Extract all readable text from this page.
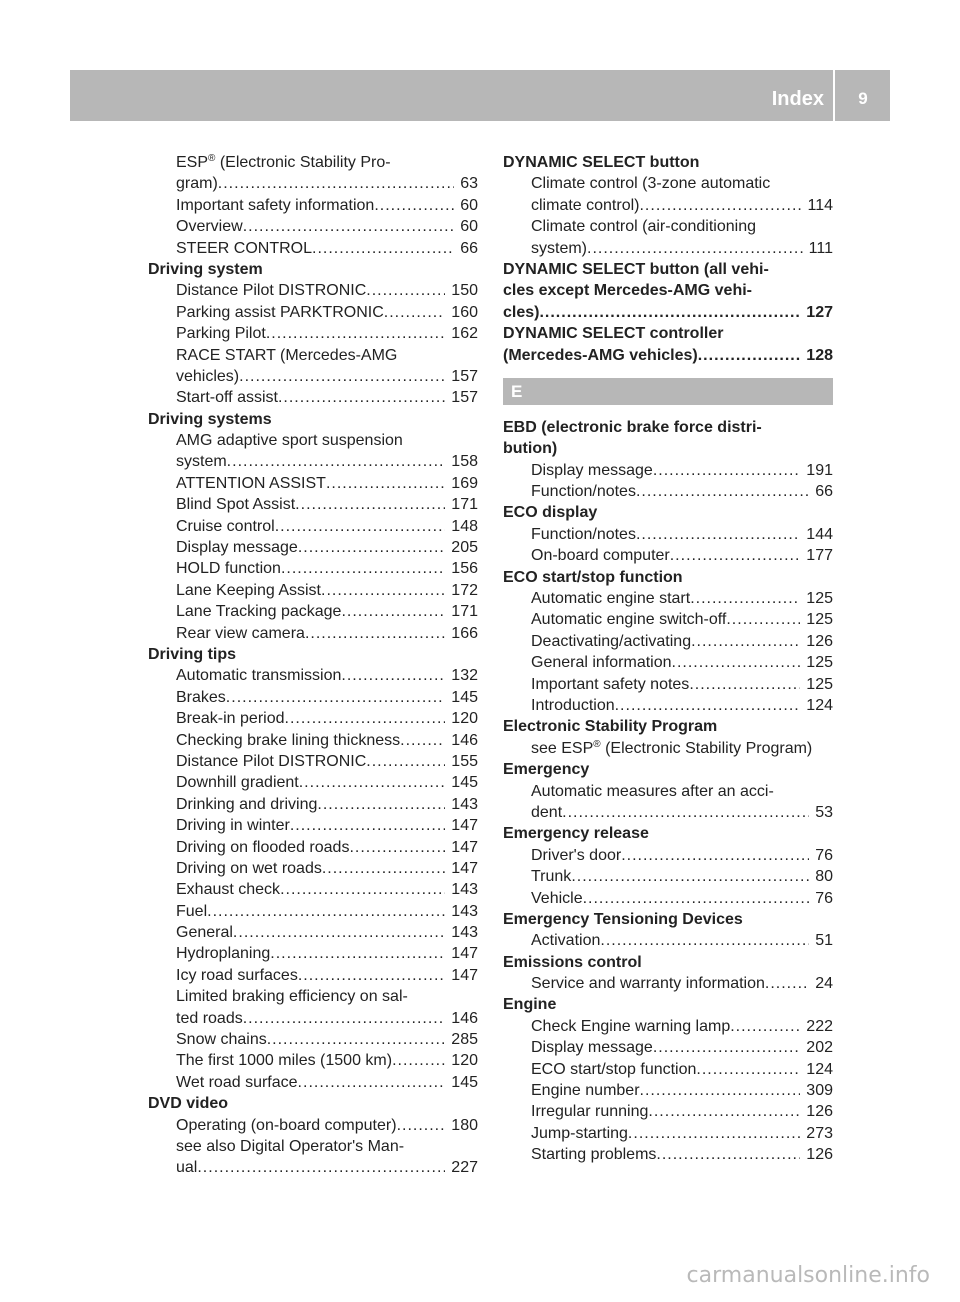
Index	9
ESP® (Electronic Stability Pro-
gram) .....	63
Important safety information .....	60
Overview .....	60
STEER CONTROL .....	66
Driving system
Distance Pilot DISTRONIC .....	150
Parking assist PARKTRONIC .....	160
Parking Pilot .....	162
RACE START (Mercedes-AMG
vehicles) .....	157
Start-off assist .....	157
Driving systems
AMG adaptive sport suspension
system .....	158
ATTENTION ASSIST .....	169
Blind Spot Assist .....	171
Cruise control .....	148
Display message .....	205
HOLD function .....	156
Lane Keeping Assist .....	172
Lane Tracking package .....	171
Rear view camera .....	166
Driving tips
Automatic transmission .....	132
Brakes .....	145
Break-in period .....	120
Checking brake lining thickness .....	146
Distance Pilot DISTRONIC .....	155
Downhill gradient .....	145
Drinking and driving .....	143
Driving in winter .....	147
Driving on flooded roads .....	147
Driving on wet roads .....	147
Exhaust check .....	143
Fuel .....	143
General .....	143
Hydroplaning .....	147
Icy road surfaces .....	147
Limited braking efficiency on sal-
ted roads .....	146
Snow chains .....	285
The first 1000 miles (1500 km) .....	120
Wet road surface .....	145
DVD video
Operating (on-board computer) .....	180
see also Digital Operator's Man-
ual .....	227
DYNAMIC SELECT button
Climate control (3-zone automatic
climate control) .....	114
Climate control (air-conditioning
system) .....	111
DYNAMIC SELECT button (all vehi-
cles except Mercedes-AMG vehi-
cles) .....	127
DYNAMIC SELECT controller
(Mercedes-AMG vehicles) .....	128
E
EBD (electronic brake force distri-
bution)
Display message .....	191
Function/notes .....	66
ECO display
Function/notes .....	144
On-board computer .....	177
ECO start/stop function
Automatic engine start .....	125
Automatic engine switch-off .....	125
Deactivating/activating .....	126
General information .....	125
Important safety notes .....	125
Introduction .....	124
Electronic Stability Program
see ESP® (Electronic Stability Program)
Emergency
Automatic measures after an acci-
dent .....	53
Emergency release
Driver's door .....	76
Trunk .....	80
Vehicle .....	76
Emergency Tensioning Devices
Activation .....	51
Emissions control
Service and warranty information .....	24
Engine
Check Engine warning lamp .....	222
Display message .....	202
ECO start/stop function .....	124
Engine number .....	309
Irregular running .....	126
Jump-starting .....	273
Starting problems .....	126
carmanualsonline.info
